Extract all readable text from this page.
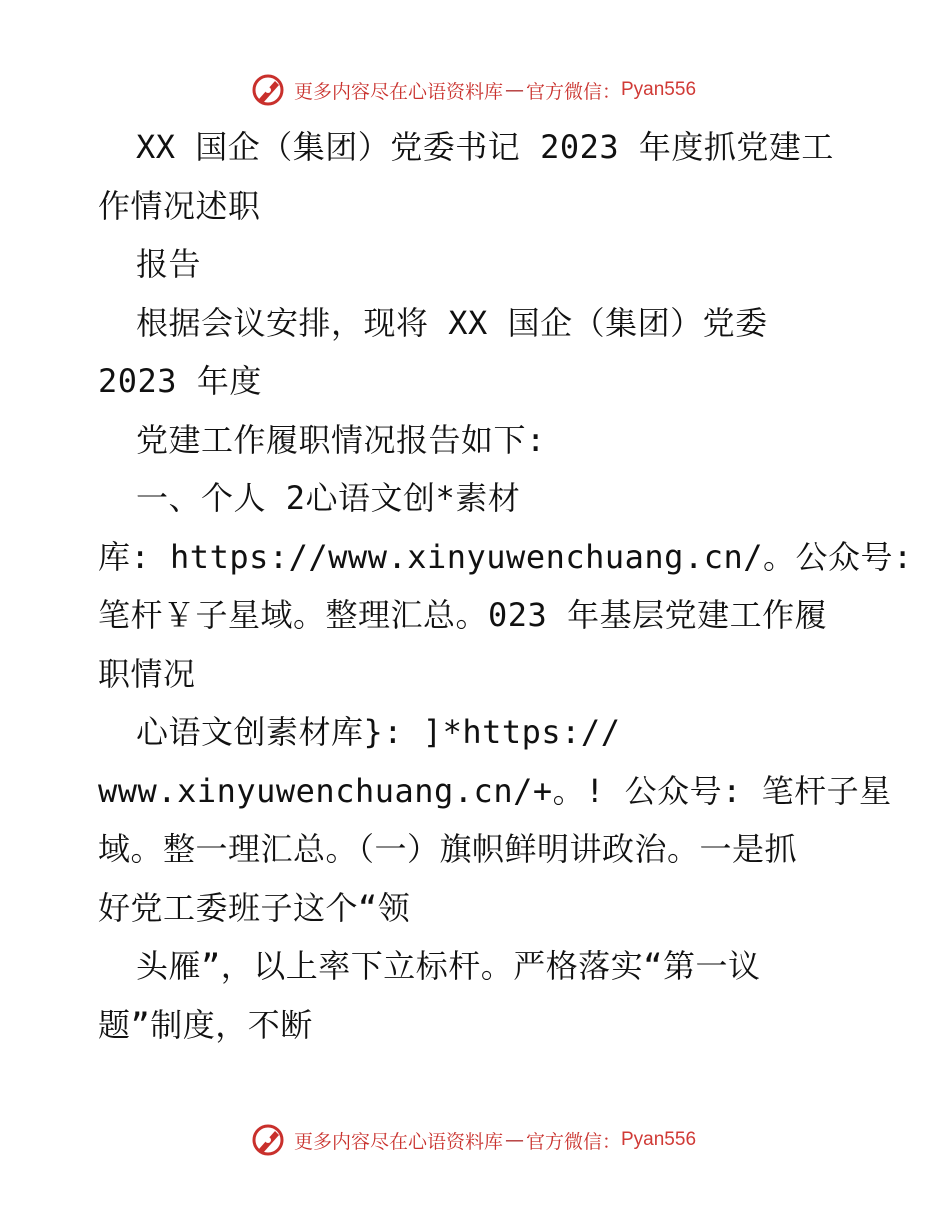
更多内容尽在心语资料库 — 官方微信： Pyan556
XX 国企（集团）党委书记 2023 年度抓党建工
作情况述职
报告
根据会议安排，现将 XX 国企（集团）党委
2023 年度
党建工作履职情况报告如下:
一、个人 2心语文创*素材
库: https://www.xinyuwenchuang.cn/。公众号:
笔杆￥子星域。整理汇总。023 年基层党建工作履
职情况
心语文创素材库}: ]*https://
www.xinyuwenchuang.cn/+。! 公众号: 笔杆子星
域。整一理汇总。（一）旗帜鲜明讲政治。一是抓
好党工委班子这个“领
头雁”，以上率下立标杆。严格落实“第一议
题”制度，不断
更多内容尽在心语资料库 — 官方微信： Pyan556
